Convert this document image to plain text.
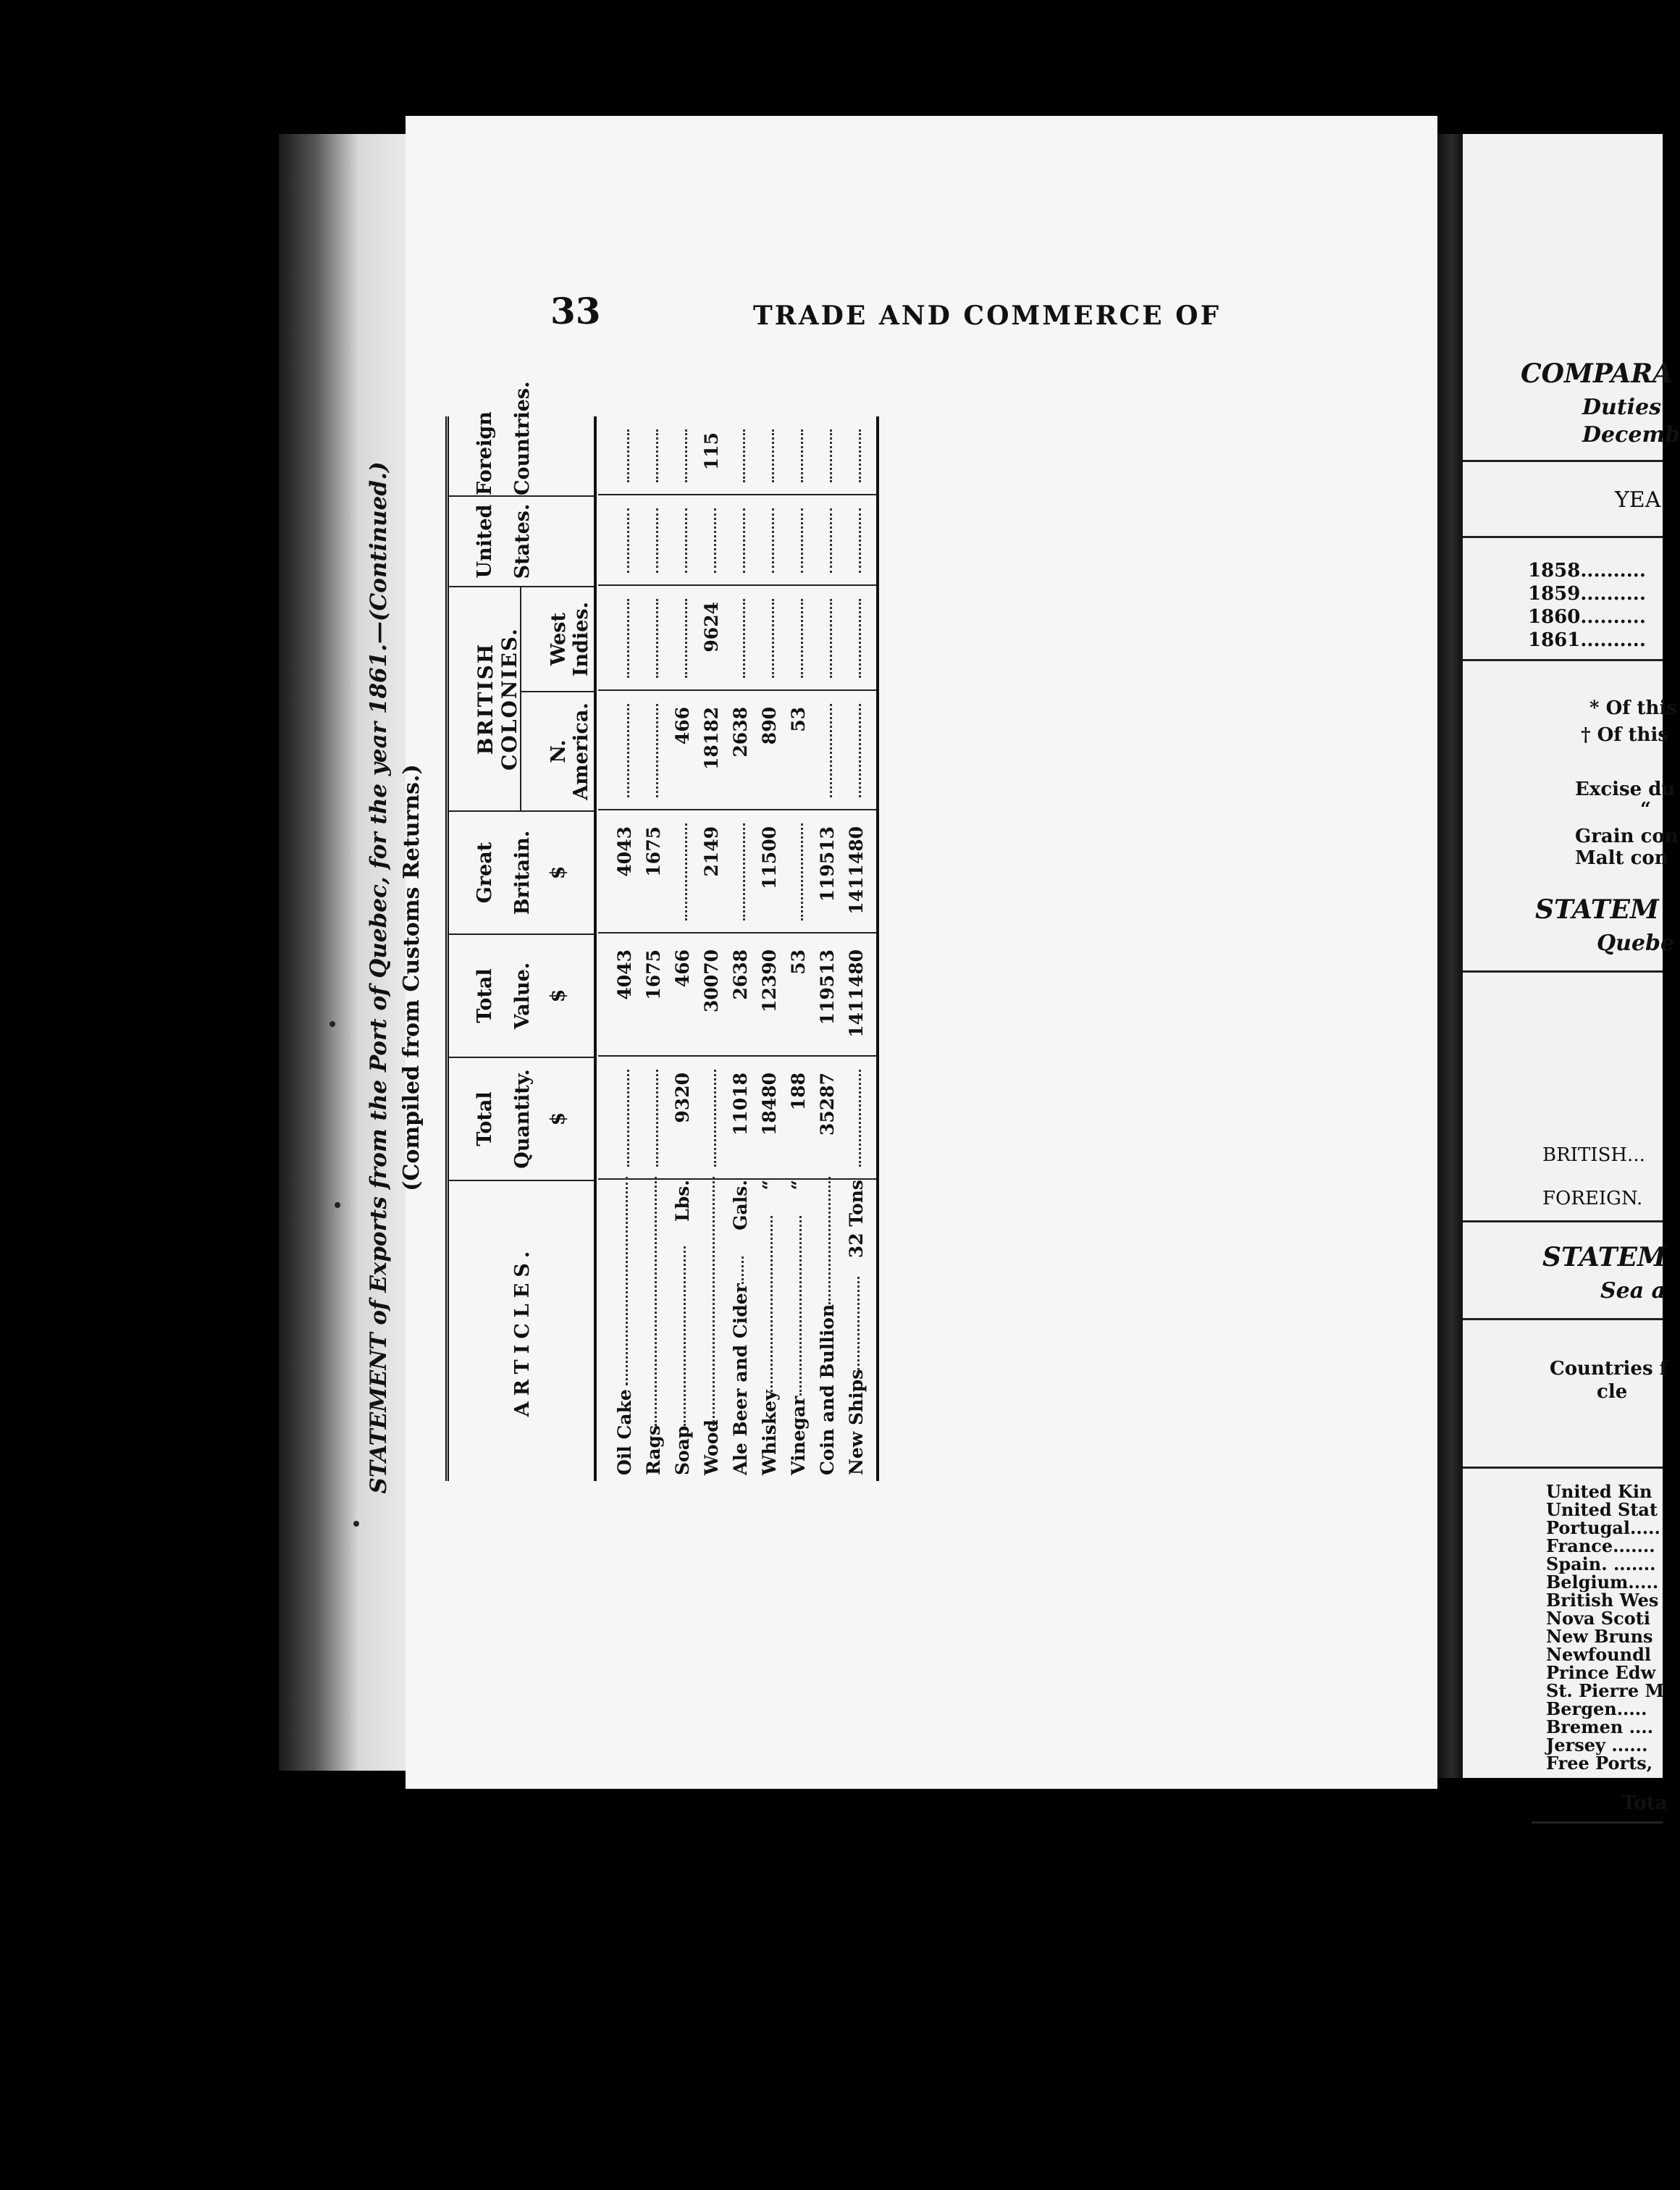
33	TRADE AND COMMERCE OF
STATEMENT of Exports from the Port of Quebec, for the year 1861.—(Continued.) (Compiled from Customs Returns.)
ARTICLES.
Total Quantity. $
Total Value. $
Great Britain. $
BRITISH COLONIES.	N. America.
West Indies.
United States.
Foreign Countries.
Oil Cake
4043
4043
Rags
1675
1675
Soap
Lbs.
9320
466
466
Wood
30070
2149
18182
9624
115
Ale Beer and Cider
Gals.
11018
2638
2638
Whiskey
“
18480
12390
11500
890
Vinegar
“
188
53
53
Coin and Bullion
35287
119513
119513
New Ships
32 Tons
1411480
1411480
COMPARA
Duties
Decemb
YEA
1858..........
1859..........
1860..........
1861..........
* Of this
† Of this
Excise du
“
Grain con
Malt con
STATEM
Quebe
BRITISH...
FOREIGN.
STATEM
Sea a
Countries f
cle
United Kin
United Stat
Portugal.....
France.......
Spain. .......
Belgium.....
British Wes
Nova Scoti
New Bruns
Newfoundl
Prince Edw
St. Pierre M
Bergen.....
Bremen ....
Jersey ......
Free Ports,
Tota
